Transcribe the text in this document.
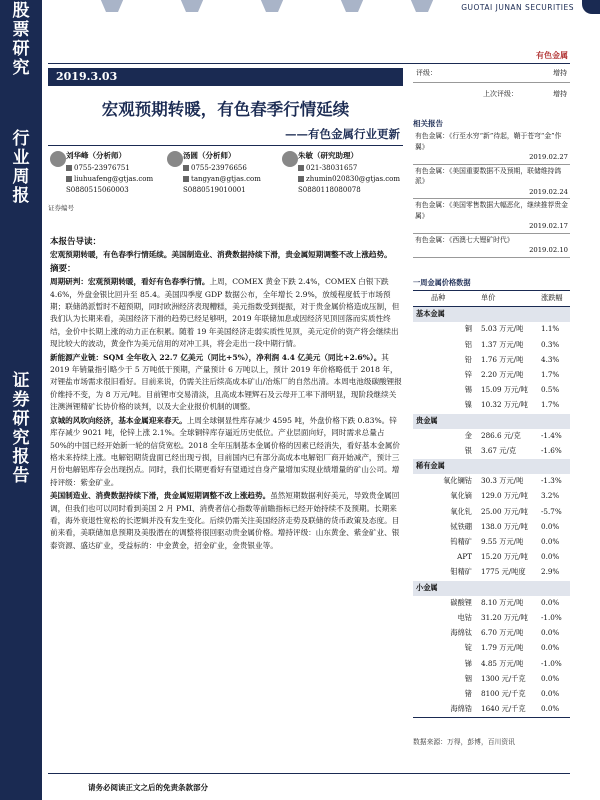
股票研究
行业周报
证券研究报告
GUOTAI JUNAN SECURITIES
有色金属
2019.3.03
宏观预期转暖，有色春季行情延续
——有色金属行业更新
刘华峰（分析师）
0755-23976751
liuhuafeng@gtjas.com
S0880515060003
汤圆（分析师）
0755-23976656
tangyan@gtjas.com
S0880519010001
朱敏（研究助理）
021-38031657
zhumin020830@gtjas.com
S0880118080078
证券编号

本报告导读：

宏观预期转暖，有色春季行情延续。美国制造业、消费数据持续下滑，贵金属短期调整不改上涨趋势。

摘要：

周期研判：宏观预期转暖，看好有色春季行情。上周，COMEX 黄金下跌 2.4%，COMEX 白银下跌 4.6%，外盘金银比回升至 85.4。美国四季度 GDP 数据公布，全年增长 2.9%，放缓程度低于市场预期；联储鸽派暂时不超预期，同时欧洲经济表现糟糕，美元指数受到提振，对于贵金属价格造成压制，但我们认为长期来看，美国经济下滑的趋势已经足够明，2019 年联储加息或因经济见顶回落而实质性终结，金价中长期上涨的动力正在积累。随着 19 年美国经济走弱实质性见顶，美元定价的资产将会继续出现比较大的波动，黄金作为美元信用的对冲工具，将会走出一段中期行情。

新能源产业链：SQM 全年收入 22.7 亿美元（同比+5%），净利润 4.4 亿美元（同比+2.6%）。其 2019 年销量指引略少于 5 万吨低于预期，产量预计 6 万吨以上，预计 2019 年价格略低于 2018 年，对锂盐市场需求很旧看好。目前来说，仍需关注后续高成本矿山/冶炼厂的自然出清。本周电池级碳酸锂报价维持不变，为 8 万元/吨。目前锂市交易清淡，且高成本锂辉石及云母开工率下滑明显，现阶段继续关注澳洲锂精矿长协价格的谈判，以及大企业报价机制的调整。

京城的风吹向经济，基本金属迎来春天。上周全球铜显性库存减少 4595 吨，外盘价格下跌 0.83%。锌库存减少 9021 吨，伦锌上涨 2.1%。全球铜锌库存逼近历史低位。产业层面向好，同时需求总量占 50%的中国已经开始新一轮的信贷宽松。2018 全年压制基本金属价格的因素已经消失，看好基本金属价格未来持续上涨。电解铝期货盘面已经出现亏损，目前国内已有部分高成本电解铝厂商开始减产，预计三月份电解铝库存会出现拐点。同时，我们长期更看好有望通过自身产量增加实现业绩增量的矿山公司。增持评级：紫金矿业。

美国制造业、消费数据持续下滑，贵金属短期调整不改上涨趋势。虽然短期数据利好美元，导致贵金属回调，但我们也可以同时看到美国 2 月 PMI、消费者信心指数等前瞻指标已经开始持续不及预期。长期来看，海外衰退性宽松的长逻辑并没有发生变化。后续仍需关注美国经济走势及联储的货币政策及态度。目前来看，美联储加息预期及美股潜在的调整将很回驱动贵金属价格。增持评级：山东黄金、紫金矿业、银泰资源、盛达矿业，受益标的：中金黄金，招金矿业，金贵银业等。

评级：	增持
上次评级：	增持
相关报告
有色金属：《行至水穷“新”待起，鞘于苍穹“金”作翼》
2019.02.27
有色金属：《美国重要数据不及预期，联储维持鸽派》
2019.02.24
有色金属：《美国零售数据大幅恶化，继续推荐贵金属》
2019.02.17
有色金属：《西澳七大锂矿时代》
2019.02.10
一周金属价格数据
品种	单价	涨跌幅
基本金属
铜 5.03 万元/吨	1.1%
铝 1.37 万元/吨	0.3%
铅 1.76 万元/吨	4.3%
锌 2.20 万元/吨	1.7%
锡 15.09 万元/吨	0.5%
镍 10.32 万元/吨	1.7%
贵金属
金 286.6 元/克	-1.4%
银 3.67 元/克	-1.6%
稀有金属
氧化镧钴 30.3 万元/吨	-1.3%
氧化镝 129.0 万元/吨	3.2%
氧化钆 25.00 万元/吨	-5.7%
铽铁硼 138.0 万元/吨	0.0%
钨精矿 9.55 万元/吨	0.0%
APT 15.20 万元/吨	0.0%
钼精矿 1775 元/吨度	2.9%
小金属
碳酸锂 8.10 万元/吨	0.0%
电钴 31.20 万元/吨	-1.0%
海绵钛 6.70 万元/吨	0.0%
锭 1.79 万元/吨	0.0%
锑 4.85 万元/吨	-1.0%
铟 1300 元/千克	0.0%
锗 8100 元/千克	0.0%
海绵锆 1640 元/千克	0.0%
数据来源：万得，彭博，百川资讯
请务必阅读正文之后的免责条款部分
